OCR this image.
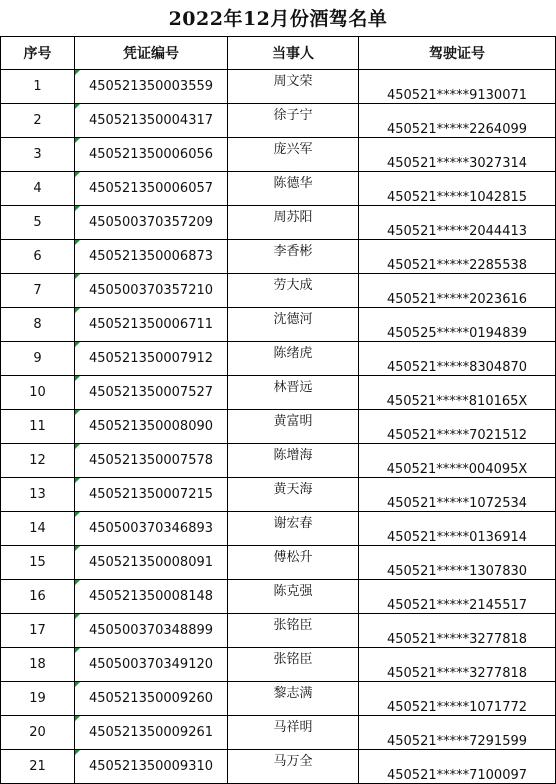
2022年12月份酒驾名单
序号	凭证编号	当事人	驾驶证号
1	450521350003559	周文荣	450521*****9130071
2	450521350004317	徐子宁	450521*****2264099
3	450521350006056	庞兴军	450521*****3027314
4	450521350006057	陈德华	450521*****1042815
5	450500370357209	周苏阳	450521*****2044413
6	450521350006873	李香彬	450521*****2285538
7	450500370357210	劳大成	450521*****2023616
8	450521350006711	沈德河	450525*****0194839
9	450521350007912	陈绪虎	450521*****8304870
10	450521350007527	林晋远	450521*****810165X
11	450521350008090	黄富明	450521*****7021512
12	450521350007578	陈增海	450521*****004095X
13	450521350007215	黄天海	450521*****1072534
14	450500370346893	谢宏春	450521*****0136914
15	450521350008091	傅松升	450521*****1307830
16	450521350008148	陈克强	450521*****2145517
17	450500370348899	张铭臣	450521*****3277818
18	450500370349120	张铭臣	450521*****3277818
19	450521350009260	黎志满	450521*****1071772
20	450521350009261	马祥明	450521*****7291599
21	450521350009310	马万全	450521*****7100097
